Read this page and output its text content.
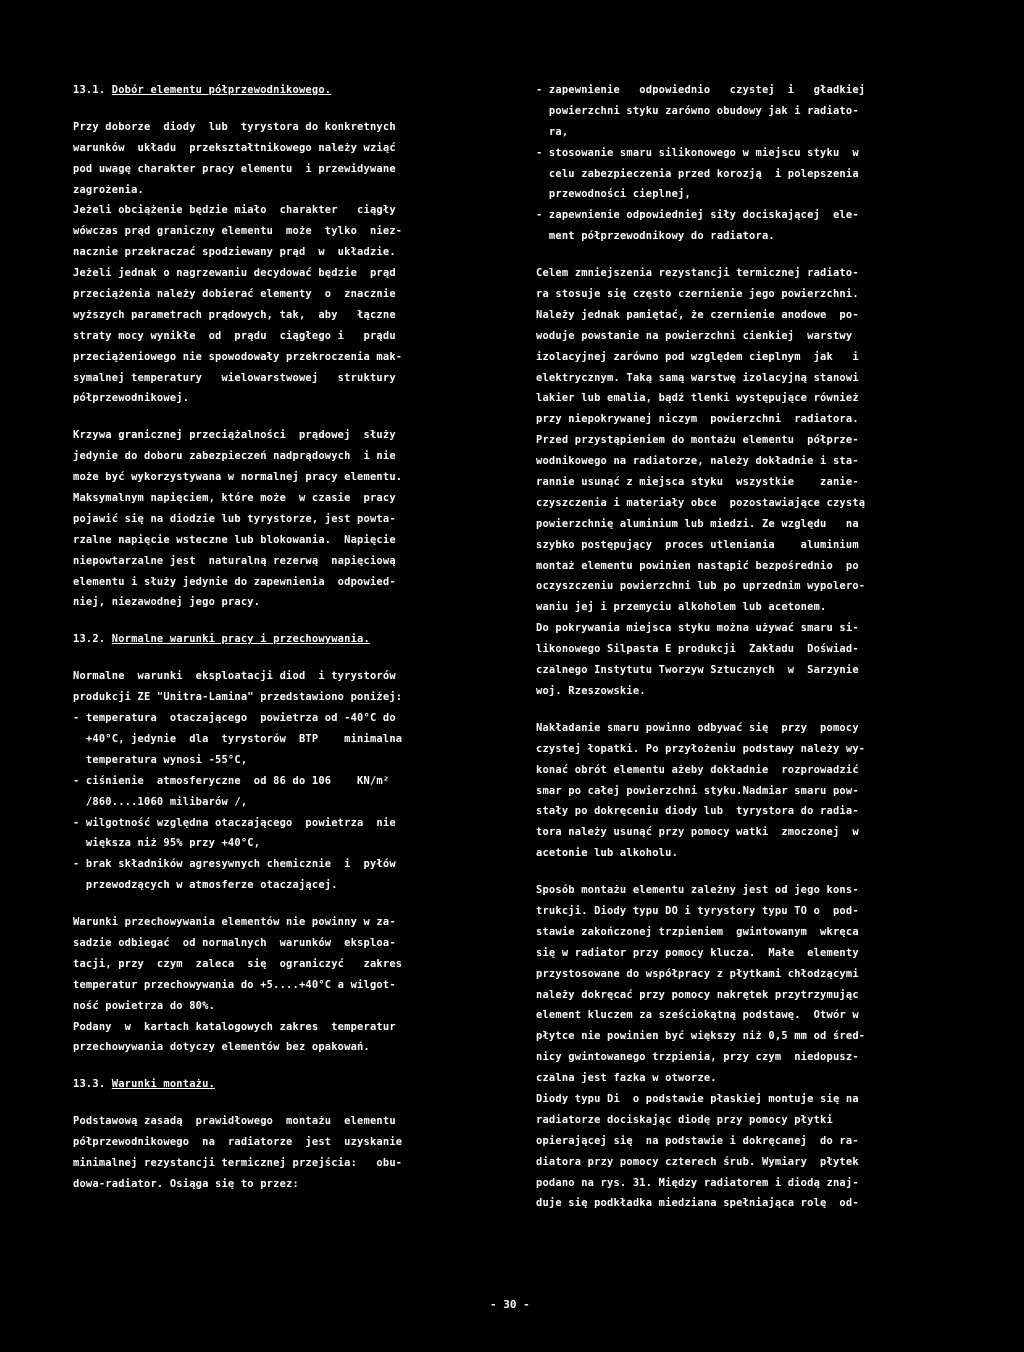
13.1. Dobór elementu półprzewodnikowego.
Przy doborze  diody  lub  tyrystora do konkretnych
warunków  układu  przekształtnikowego należy wziąć
pod uwagę charakter pracy elementu  i przewidywane
zagrożenia.
Jeżeli obciążenie będzie miało  charakter   ciągły
wówczas prąd graniczny elementu  może  tylko  niez-
nacznie przekraczać spodziewany prąd  w  układzie.
Jeżeli jednak o nagrzewaniu decydować będzie  prąd
przeciążenia należy dobierać elementy  o  znacznie
wyższych parametrach prądowych, tak,  aby   łączne
straty mocy wynikłe  od  prądu  ciągłego i   prądu
przeciążeniowego nie spowodowały przekroczenia mak-
symalnej temperatury   wielowarstwowej   struktury
półprzewodnikowej.
Krzywa granicznej przeciążalności  prądowej  służy
jedynie do doboru zabezpieczeń nadprądowych  i nie
może być wykorzystywana w normalnej pracy elementu.
Maksymalnym napięciem, które może  w czasie  pracy
pojawić się na diodzie lub tyrystorze, jest powta-
rzalne napięcie wsteczne lub blokowania.  Napięcie
niepowtarzalne jest  naturalną rezerwą  napięciową
elementu i służy jedynie do zapewnienia  odpowied-
niej, niezawodnej jego pracy.
13.2. Normalne warunki pracy i przechowywania.
Normalne  warunki  eksploatacji diod  i tyrystorów
produkcji ZE "Unitra-Lamina" przedstawiono poniżej:
- temperatura  otaczającego  powietrza od -40°C do
+40°C, jedynie  dla  tyrystorów  BTP    minimalna
temperatura wynosi -55°C,
- ciśnienie  atmosferyczne  od 86 do 106    KN/m²
/860....1060 milibarów /,
- wilgotność względna otaczającego  powietrza  nie
większa niż 95% przy +40°C,
- brak składników agresywnych chemicznie  i  pyłów
przewodzących w atmosferze otaczającej.
Warunki przechowywania elementów nie powinny w za-
sadzie odbiegać  od normalnych  warunków  eksploa-
tacji, przy  czym  zaleca  się  ograniczyć   zakres
temperatur przechowywania do +5....+40°C a wilgot-
ność powietrza do 80%.
Podany  w  kartach katalogowych zakres  temperatur
przechowywania dotyczy elementów bez opakowań.
13.3. Warunki montażu.
Podstawową zasadą  prawidłowego  montażu  elementu
półprzewodnikowego  na  radiatorze  jest  uzyskanie
minimalnej rezystancji termicznej przejścia:   obu-
dowa-radiator. Osiąga się to przez:
- zapewnienie   odpowiednio   czystej  i   gładkiej
powierzchni styku zarówno obudowy jak i radiato-
ra,
- stosowanie smaru silikonowego w miejscu styku  w
celu zabezpieczenia przed korozją  i polepszenia
przewodności cieplnej,
- zapewnienie odpowiedniej siły dociskającej  ele-
ment półprzewodnikowy do radiatora.
Celem zmniejszenia rezystancji termicznej radiato-
ra stosuje się często czernienie jego powierzchni.
Należy jednak pamiętać, że czernienie anodowe  po-
woduje powstanie na powierzchni cienkiej  warstwy
izolacyjnej zarówno pod względem cieplnym  jak   i
elektrycznym. Taką samą warstwę izolacyjną stanowi
lakier lub emalia, bądź tlenki występujące również
przy niepokrywanej niczym  powierzchni  radiatora.
Przed przystąpieniem do montażu elementu  półprze-
wodnikowego na radiatorze, należy dokładnie i sta-
rannie usunąć z miejsca styku  wszystkie    zanie-
czyszczenia i materiały obce  pozostawiające czystą
powierzchnię aluminium lub miedzi. Ze względu   na
szybko postępujący  proces utleniania    aluminium
montaż elementu powinien nastąpić bezpośrednio  po
oczyszczeniu powierzchni lub po uprzednim wypolero-
waniu jej i przemyciu alkoholem lub acetonem.
Do pokrywania miejsca styku można używać smaru si-
likonowego Silpasta E produkcji  Zakładu  Doświad-
czalnego Instytutu Tworzyw Sztucznych  w  Sarzynie
woj. Rzeszowskie.
Nakładanie smaru powinno odbywać się  przy  pomocy
czystej łopatki. Po przyłożeniu podstawy należy wy-
konać obrót elementu ażeby dokładnie  rozprowadzić
smar po całej powierzchni styku.Nadmiar smaru pow-
stały po dokręceniu diody lub  tyrystora do radia-
tora należy usunąć przy pomocy watki  zmoczonej  w
acetonie lub alkoholu.
Sposób montażu elementu zależny jest od jego kons-
trukcji. Diody typu DO i tyrystory typu TO o  pod-
stawie zakończonej trzpieniem  gwintowanym  wkręca
się w radiator przy pomocy klucza.  Małe  elementy
przystosowane do współpracy z płytkami chłodzącymi
należy dokręcać przy pomocy nakrętek przytrzymując
element kluczem za sześciokątną podstawę.  Otwór w
płytce nie powinien być większy niż 0,5 mm od śred-
nicy gwintowanego trzpienia, przy czym  niedopusz-
czalna jest fazka w otworze.
Diody typu Di  o podstawie płaskiej montuje się na
radiatorze dociskając diodę przy pomocy płytki
opierającej się  na podstawie i dokręcanej  do ra-
diatora przy pomocy czterech śrub. Wymiary  płytek
podano na rys. 31. Między radiatorem i diodą znaj-
duje się podkładka miedziana spełniająca rolę  od-
- 30 -
